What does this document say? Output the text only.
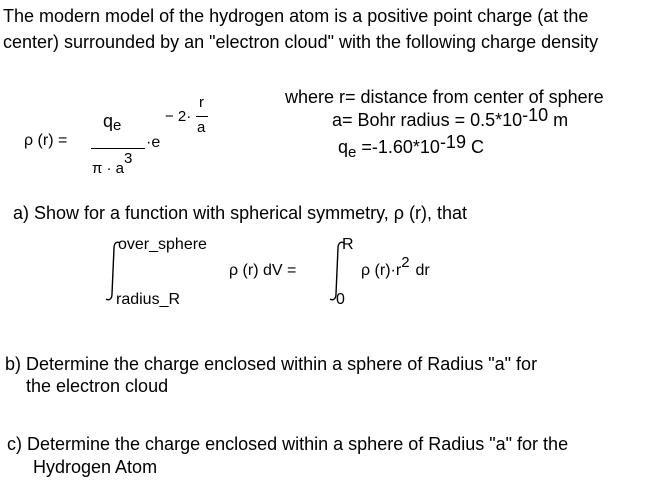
The modern model of the hydrogen atom is a positive point charge (at the
center) surrounded by an "electron cloud" with the following charge density
ρ (r) =
qe
π · a3
·e
− 2·
r
a
where r= distance from center of sphere
a= Bohr radius = 0.5*10-10 m
qe =-1.60*10-19 C
a) Show for a function with spherical symmetry, ρ (r), that
over_sphere
radius_R
ρ (r) dV =
R
0
ρ (r)·r2 dr
b) Determine the charge enclosed within a sphere of Radius "a" for
the electron cloud
c) Determine the charge enclosed within a sphere of Radius "a" for the
Hydrogen Atom
